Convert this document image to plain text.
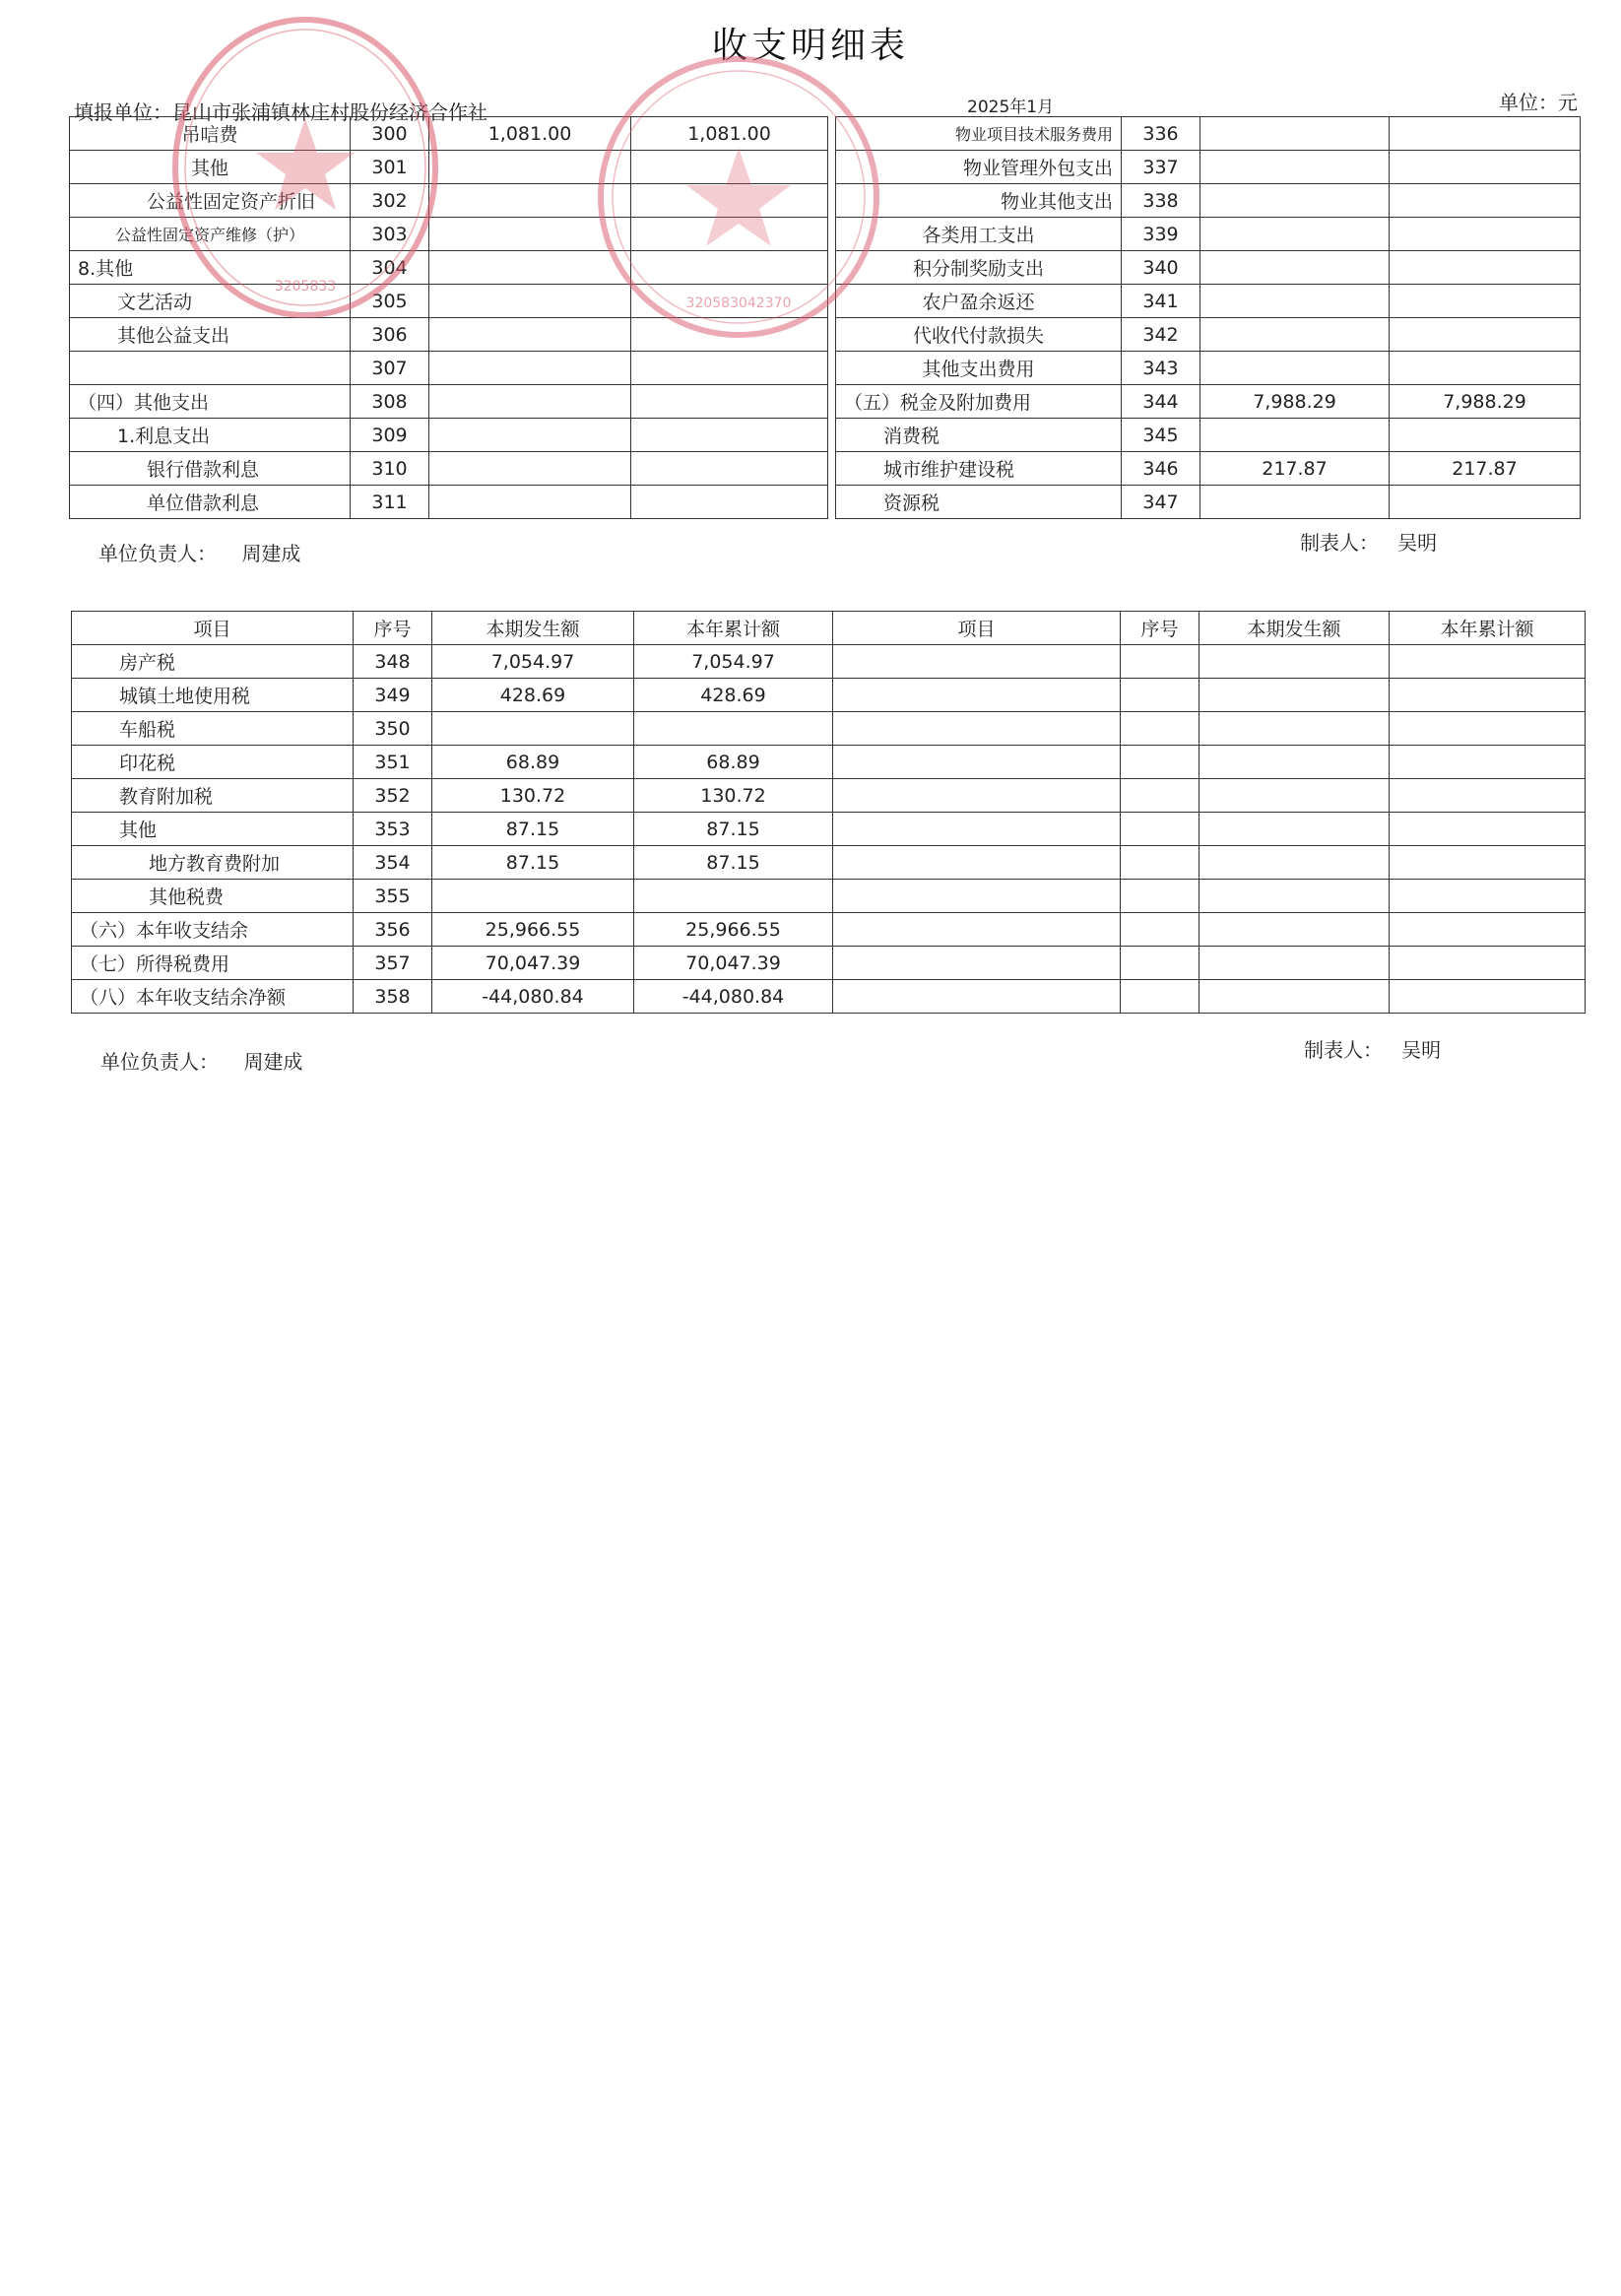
收支明细表
填报单位：昆山市张浦镇林庄村股份经济合作社	2025年1月	单位：元
吊唁费	300	1,081.00	1,081.00		物业项目技术服务费用	336		
其他	301				物业管理外包支出	337		
公益性固定资产折旧	302				物业其他支出	338		
公益性固定资产维修（护）	303				各类用工支出	339		
8.其他	304				积分制奖励支出	340		
文艺活动	305				农户盈余返还	341		
其他公益支出	306				代收代付款损失	342		
	307				其他支出费用	343		
（四）其他支出	308				（五）税金及附加费用	344	7,988.29	7,988.29
1.利息支出	309				消费税	345		
银行借款利息	310				城市维护建设税	346	217.87	217.87
单位借款利息	311				资源税	347		
单位负责人： 周建成	制表人： 吴明
项目	序号	本期发生额	本年累计额	项目	序号	本期发生额	本年累计额
房产税	348	7,054.97	7,054.97				
城镇土地使用税	349	428.69	428.69				
车船税	350						
印花税	351	68.89	68.89				
教育附加税	352	130.72	130.72				
其他	353	87.15	87.15				
地方教育费附加	354	87.15	87.15				
其他税费	355						
（六）本年收支结余	356	25,966.55	25,966.55				
（七）所得税费用	357	70,047.39	70,047.39				
（八）本年收支结余净额	358	-44,080.84	-44,080.84				
单位负责人： 周建成	制表人： 吴明
3205833
320583042370
